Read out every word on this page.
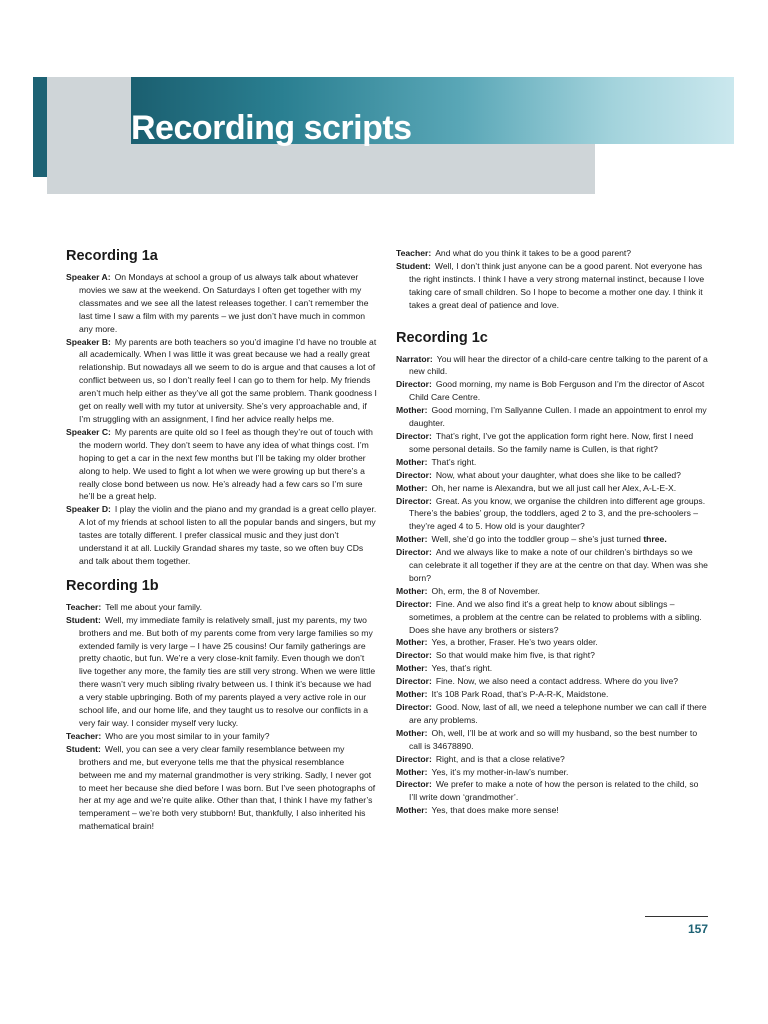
Recording scripts
Recording 1a

Speaker A: On Mondays at school a group of us always talk about whatever movies we saw at the weekend. On Saturdays I often get together with my classmates and we see all the latest releases together. I can’t remember the last time I saw a film with my parents – we just don’t have much in common any more.

Speaker B: My parents are both teachers so you’d imagine I’d have no trouble at all academically. When I was little it was great because we had a really great relationship. But nowadays all we seem to do is argue and that causes a lot of conflict between us, so I don’t really feel I can go to them for help. My friends aren’t much help either as they’ve all got the same problem. Thank goodness I get on really well with my tutor at university. She’s very approachable and, if I’m struggling with an assignment, I find her advice really helps me.

Speaker C: My parents are quite old so I feel as though they’re out of touch with the modern world. They don’t seem to have any idea of what things cost. I’m hoping to get a car in the next few months but I’ll be taking my older brother along to help. We used to fight a lot when we were growing up but there’s a really close bond between us now. He’s already had a few cars so I’m sure he’ll be a great help.

Speaker D: I play the violin and the piano and my grandad is a great cello player. A lot of my friends at school listen to all the popular bands and singers, but my tastes are totally different. I prefer classical music and they just don’t understand it at all. Luckily Grandad shares my taste, so we often buy CDs and talk about them together.

Recording 1b

Teacher: Tell me about your family.

Student: Well, my immediate family is relatively small, just my parents, my two brothers and me. But both of my parents come from very large families so my extended family is very large – I have 25 cousins! Our family gatherings are pretty chaotic, but fun. We’re a very close-knit family. Even though we don’t live together any more, the family ties are still very strong. When we were little there wasn’t very much sibling rivalry between us. I think it’s because we had a very stable upbringing. Both of my parents played a very active role in our school life, and our home life, and they taught us to resolve our conflicts in a very fair way. I consider myself very lucky.

Teacher: Who are you most similar to in your family?

Student: Well, you can see a very clear family resemblance between my brothers and me, but everyone tells me that the physical resemblance between me and my maternal grandmother is very striking. Sadly, I never got to meet her because she died before I was born. But I’ve seen photographs of her at my age and we’re quite alike. Other than that, I think I have my father’s temperament – we’re both very stubborn! But, thankfully, I also inherited his mathematical brain!

Teacher: And what do you think it takes to be a good parent?

Student: Well, I don’t think just anyone can be a good parent. Not everyone has the right instincts. I think I have a very strong maternal instinct, because I love taking care of small children. So I hope to become a mother one day. I think it takes a great deal of patience and love.

Recording 1c

Narrator: You will hear the director of a child-care centre talking to the parent of a new child.

Director: Good morning, my name is Bob Ferguson and I’m the director of Ascot Child Care Centre.

Mother: Good morning, I’m Sallyanne Cullen. I made an appointment to enrol my daughter.

Director: That’s right, I’ve got the application form right here. Now, first I need some personal details. So the family name is Cullen, is that right?

Mother: That’s right.

Director: Now, what about your daughter, what does she like to be called?

Mother: Oh, her name is Alexandra, but we all just call her Alex, A-L-E-X.

Director: Great. As you know, we organise the children into different age groups. There’s the babies’ group, the toddlers, aged 2 to 3, and the pre-schoolers – they’re aged 4 to 5. How old is your daughter?

Mother: Well, she’d go into the toddler group – she’s just turned three.

Director: And we always like to make a note of our children’s birthdays so we can celebrate it all together if they are at the centre on that day. When was she born?

Mother: Oh, erm, the 8 of November.

Director: Fine. And we also find it’s a great help to know about siblings – sometimes, a problem at the centre can be related to problems with a sibling. Does she have any brothers or sisters?

Mother: Yes, a brother, Fraser. He’s two years older.

Director: So that would make him five, is that right?

Mother: Yes, that’s right.

Director: Fine. Now, we also need a contact address. Where do you live?

Mother: It’s 108 Park Road, that’s P-A-R-K, Maidstone.

Director: Good. Now, last of all, we need a telephone number we can call if there are any problems.

Mother: Oh, well, I’ll be at work and so will my husband, so the best number to call is 34678890.

Director: Right, and is that a close relative?

Mother: Yes, it’s my mother-in-law’s number.

Director: We prefer to make a note of how the person is related to the child, so I’ll write down ‘grandmother’.

Mother: Yes, that does make more sense!

157
